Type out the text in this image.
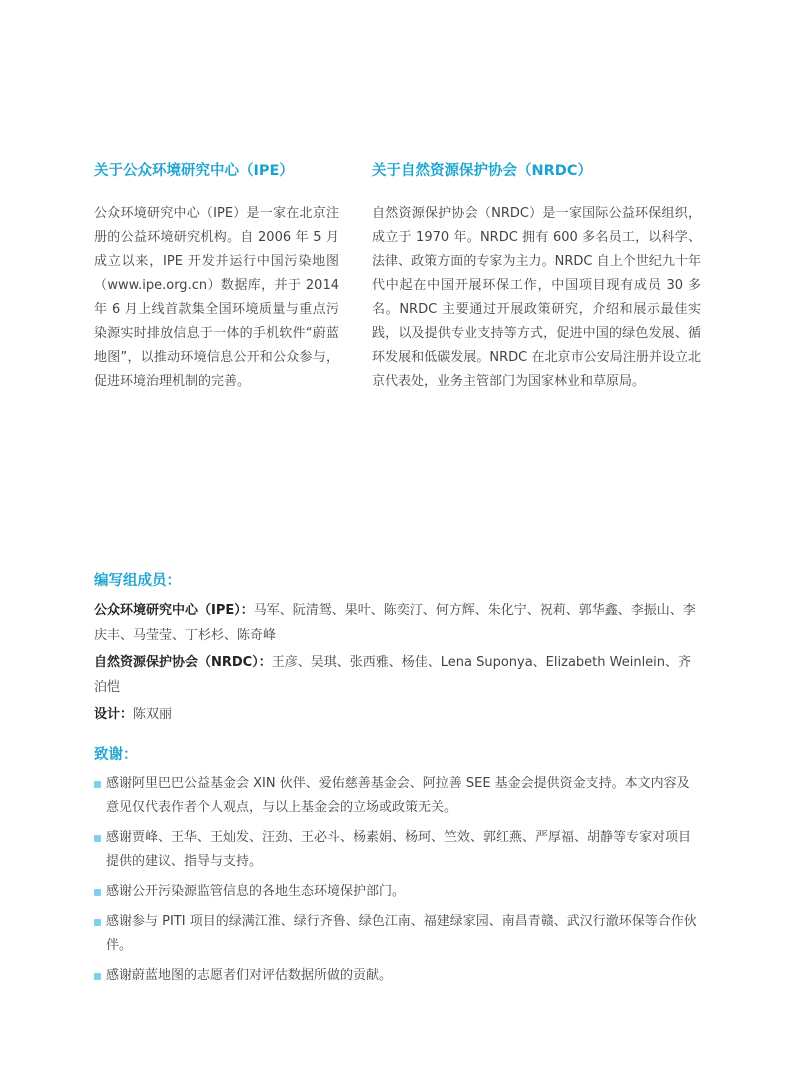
关于公众环境研究中心（IPE）

公众环境研究中心（IPE）是一家在北京注册的公益环境研究机构。自 2006 年 5 月成立以来，IPE 开发并运行中国污染地图（www.ipe.org.cn）数据库，并于 2014 年 6 月上线首款集全国环境质量与重点污染源实时排放信息于一体的手机软件“蔚蓝地图”，以推动环境信息公开和公众参与，促进环境治理机制的完善。

关于自然资源保护协会（NRDC）

自然资源保护协会（NRDC）是一家国际公益环保组织，成立于 1970 年。NRDC 拥有 600 多名员工，以科学、法律、政策方面的专家为主力。NRDC 自上个世纪九十年代中起在中国开展环保工作，中国项目现有成员 30 多名。NRDC 主要通过开展政策研究，介绍和展示最佳实践，以及提供专业支持等方式，促进中国的绿色发展、循环发展和低碳发展。NRDC 在北京市公安局注册并设立北京代表处，业务主管部门为国家林业和草原局。

编写组成员：

公众环境研究中心（IPE）：马军、阮清鸳、果叶、陈奕汀、何方辉、朱化宁、祝莉、郭华鑫、李振山、李庆丰、马莹莹、丁杉杉、陈奇峰

自然资源保护协会（NRDC）：王彦、吴琪、张西雅、杨佳、Lena Suponya、Elizabeth Weinlein、齐泊恺

设计：陈双丽

致谢：
感谢阿里巴巴公益基金会 XIN 伙伴、爱佑慈善基金会、阿拉善 SEE 基金会提供资金支持。本文内容及意见仅代表作者个人观点，与以上基金会的立场或政策无关。
感谢贾峰、王华、王灿发、汪劲、王必斗、杨素娟、杨珂、竺效、郭红燕、严厚福、胡静等专家对项目提供的建议、指导与支持。
感谢公开污染源监管信息的各地生态环境保护部门。
感谢参与 PITI 项目的绿满江淮、绿行齐鲁、绿色江南、福建绿家园、南昌青赣、武汉行澈环保等合作伙伴。
感谢蔚蓝地图的志愿者们对评估数据所做的贡献。
